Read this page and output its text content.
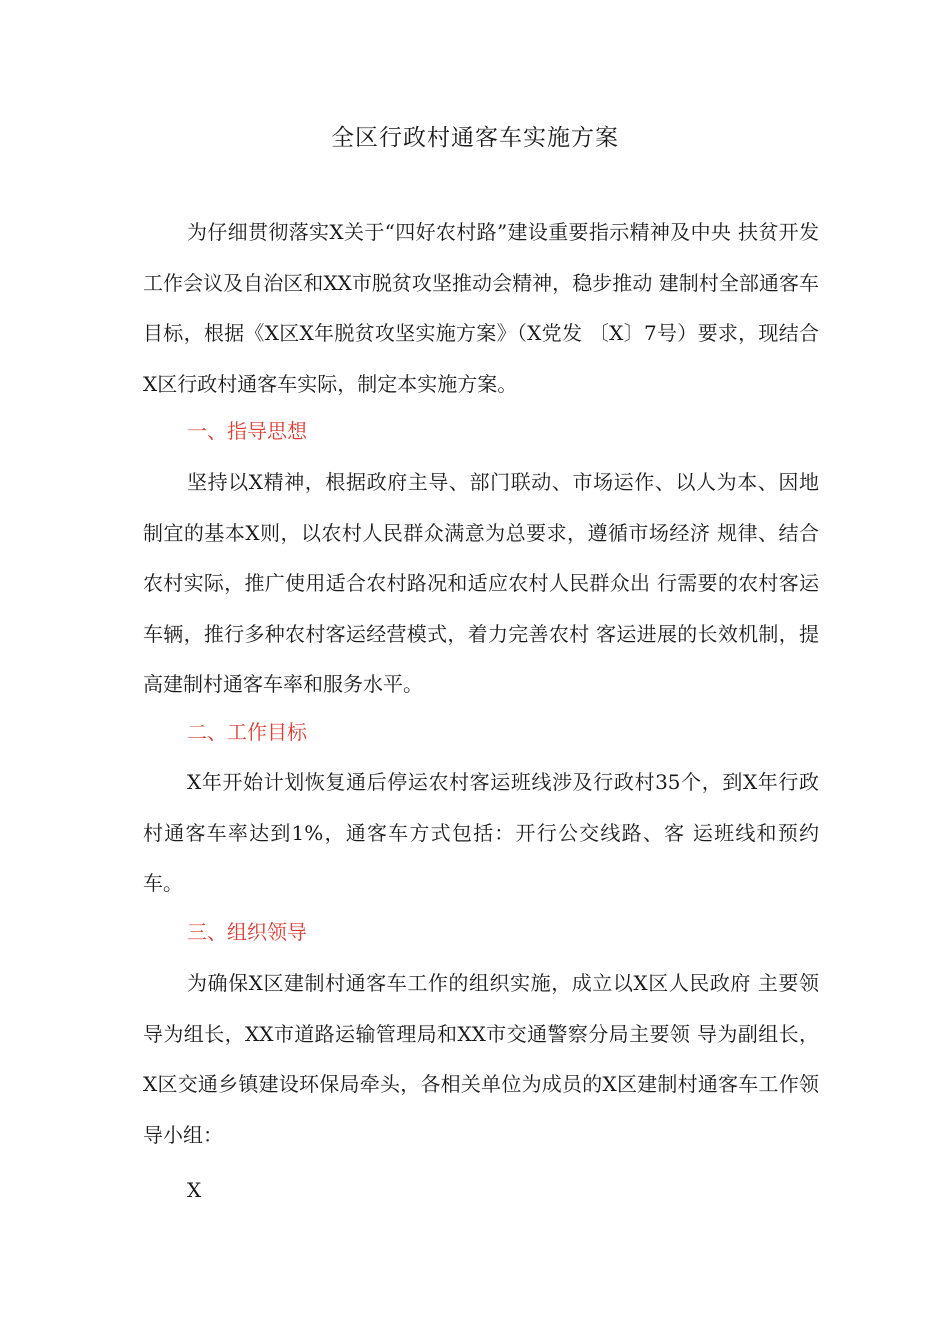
全区行政村通客车实施方案

为仔细贯彻落实X关于“四好农村路”建设重要指示精神及中央 扶贫开发工作会议及自治区和XX市脱贫攻坚推动会精神，稳步推动 建制村全部通客车目标，根据《X区X年脱贫攻坚实施方案》（X党发 〔X〕7号）要求，现结合X区行政村通客车实际，制定本实施方案。

一、指导思想

坚持以X精神，根据政府主导、部门联动、市场运作、以人为本、因地制宜的基本X则，以农村人民群众满意为总要求，遵循市场经济 规律、结合农村实际，推广使用适合农村路况和适应农村人民群众出 行需要的农村客运车辆，推行多种农村客运经营模式，着力完善农村 客运进展的长效机制，提高建制村通客车率和服务水平。

二、工作目标

X年开始计划恢复通后停运农村客运班线涉及行政村35个，到X年行政村通客车率达到1%，通客车方式包括：开行公交线路、客 运班线和预约车。

三、组织领导

为确保X区建制村通客车工作的组织实施，成立以X区人民政府 主要领导为组长，XX市道路运输管理局和XX市交通警察分局主要领 导为副组长，X区交通乡镇建设环保局牵头，各相关单位为成员的X区建制村通客车工作领导小组：

X
